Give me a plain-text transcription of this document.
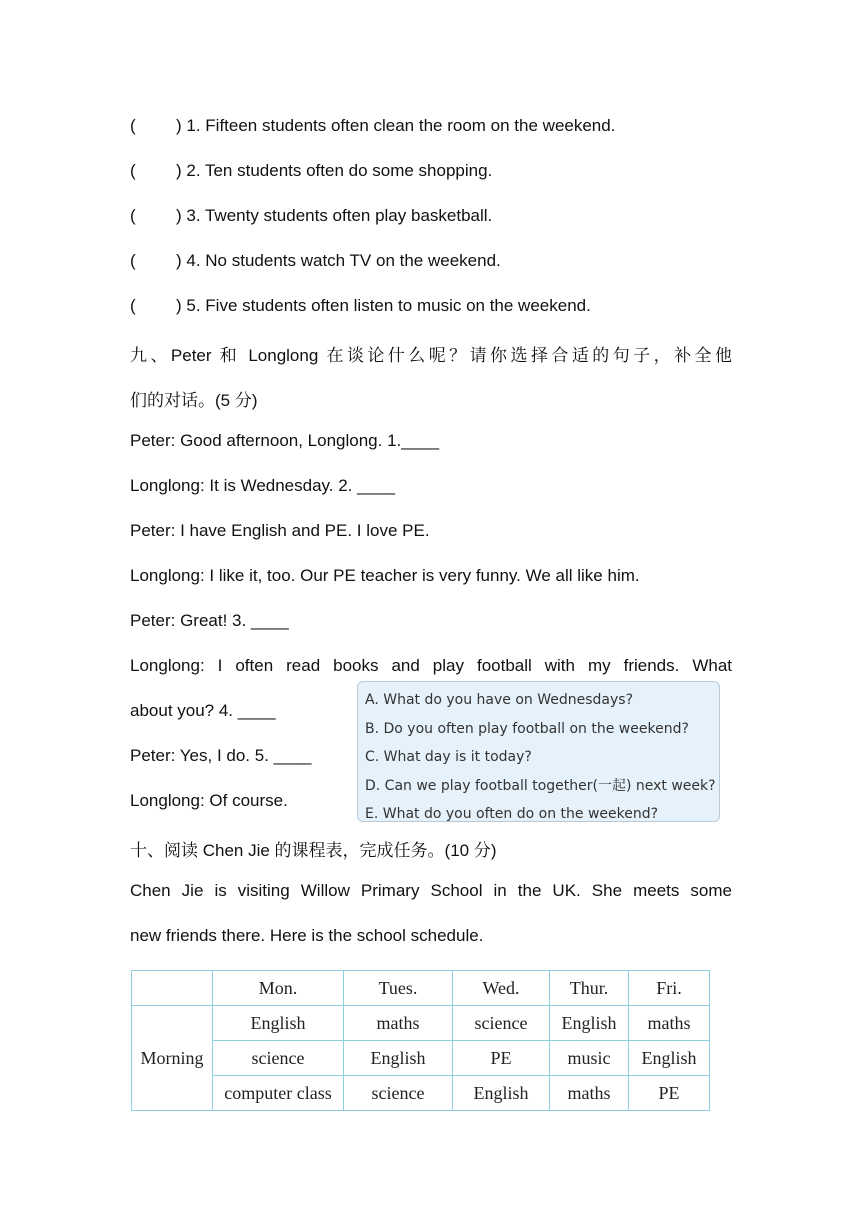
( ) 1. Fifteen students often clean the room on the weekend.
( ) 2. Ten students often do some shopping.
( ) 3. Twenty students often play basketball.
( ) 4. No students watch TV on the weekend.
( ) 5. Five students often listen to music on the weekend.
九、Peter 和 Longlong 在谈论什么呢？请你选择合适的句子，补全他
们的对话。(5 分)
Peter: Good afternoon, Longlong. 1.____
Longlong: It is Wednesday. 2. ____
Peter: I have English and PE. I love PE.
Longlong: I like it, too. Our PE teacher is very funny. We all like him.
Peter: Great! 3. ____
Longlong: I often read books and play football with my friends. What
about you? 4. ____
Peter: Yes, I do. 5. ____
Longlong: Of course.
A. What do you have on Wednesdays?
B. Do you often play football on the weekend?
C. What day is it today?
D. Can we play football together(一起) next week?
E. What do you often do on the weekend?
十、阅读 Chen Jie 的课程表，完成任务。(10 分)
Chen Jie is visiting Willow Primary School in the UK. She meets some
new friends there. Here is the school schedule.
	Mon.	Tues.	Wed.	Thur.	Fri.
Morning	English	maths	science	English	maths
	science	English	PE	music	English
	computer class	science	English	maths	PE
